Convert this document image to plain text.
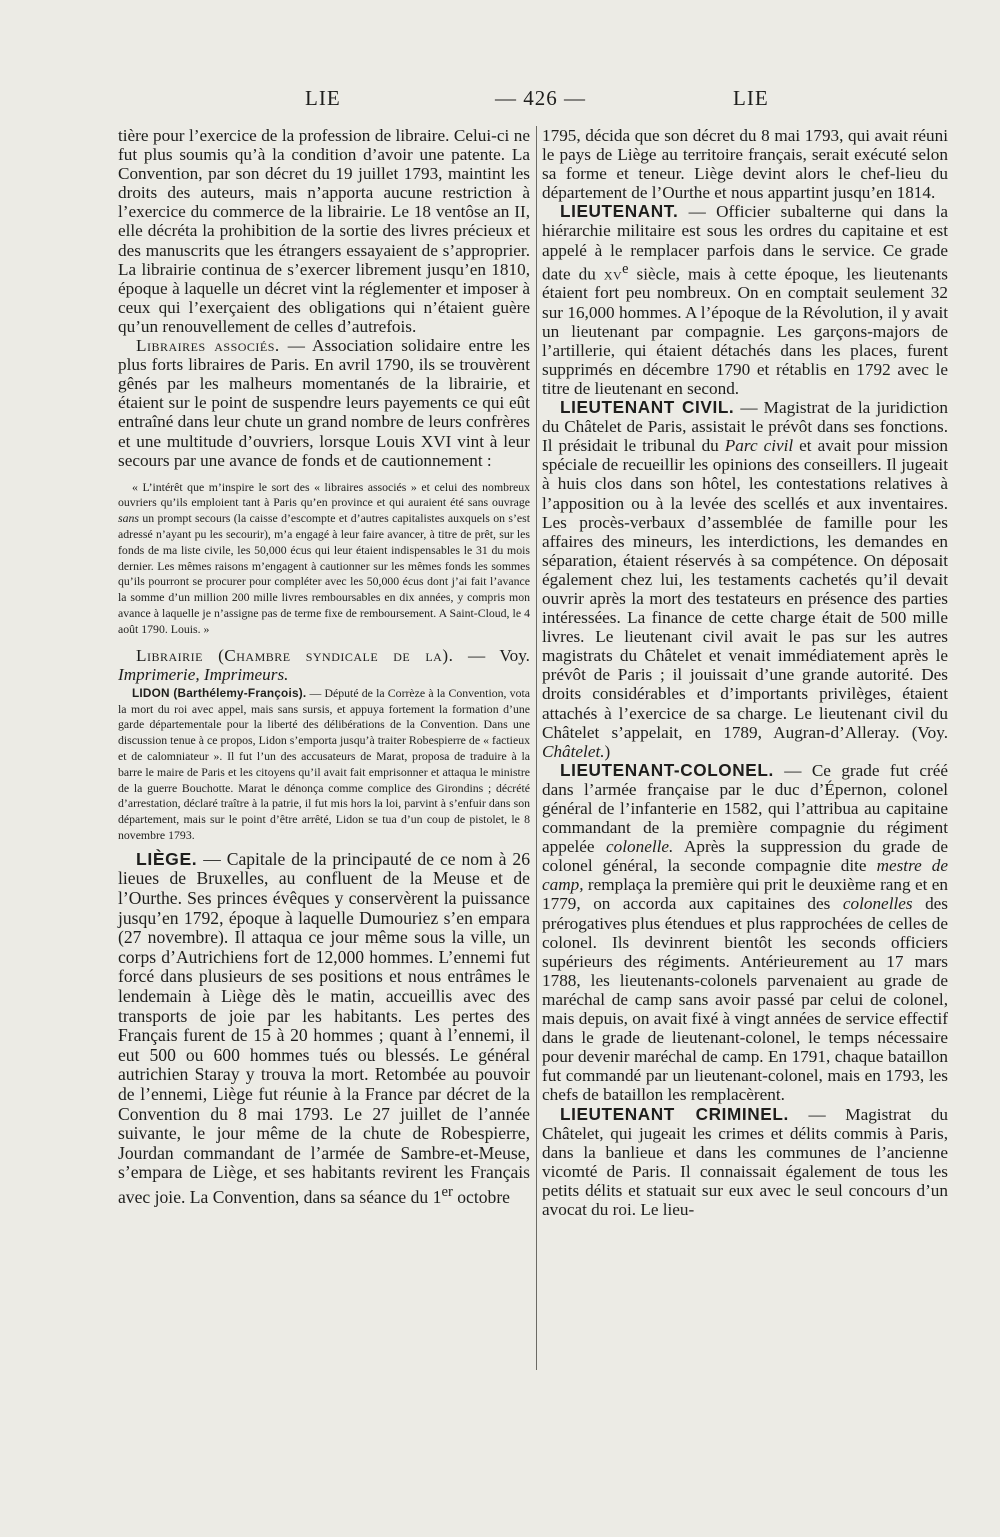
LIE	— 426 —	LIE

tière pour l’exercice de la profession de libraire. Celui-ci ne fut plus soumis qu’à la condition d’avoir une patente. La Convention, par son décret du 19 juillet 1793, maintint les droits des auteurs, mais n’apporta aucune restriction à l’exercice du commerce de la librairie. Le 18 ventôse an II, elle décréta la prohibition de la sortie des livres précieux et des manuscrits que les étrangers essayaient de s’approprier. La librairie continua de s’exercer librement jusqu’en 1810, époque à laquelle un décret vint la réglementer et imposer à ceux qui l’exerçaient des obligations qui n’étaient guère qu’un renouvellement de celles d’autrefois.

Libraires associés. — Association solidaire entre les plus forts libraires de Paris. En avril 1790, ils se trouvèrent gênés par les malheurs momentanés de la librairie, et étaient sur le point de suspendre leurs payements ce qui eût entraîné dans leur chute un grand nombre de leurs confrères et une multitude d’ouvriers, lorsque Louis XVI vint à leur secours par une avance de fonds et de cautionnement :

« L’intérêt que m’inspire le sort des « libraires associés » et celui des nombreux ouvriers qu’ils emploient tant à Paris qu’en province et qui auraient été sans ouvrage sans un prompt secours (la caisse d’escompte et d’autres capitalistes auxquels on s’est adressé n’ayant pu les secourir), m’a engagé à leur faire avancer, à titre de prêt, sur les fonds de ma liste civile, les 50,000 écus qui leur étaient indispensables le 31 du mois dernier. Les mêmes raisons m’engagent à cautionner sur les mêmes fonds les sommes qu’ils pourront se procurer pour compléter avec les 50,000 écus dont j’ai fait l’avance la somme d’un million 200 mille livres remboursables en dix années, y compris mon avance à laquelle je n’assigne pas de terme fixe de remboursement. A Saint-Cloud, le 4 août 1790. Louis. »

Librairie (Chambre syndicale de la). — Voy. Imprimerie, Imprimeurs.

LIDON (Barthélemy-François). — Député de la Corrèze à la Convention, vota la mort du roi avec appel, mais sans sursis, et appuya fortement la formation d’une garde départementale pour la liberté des délibérations de la Convention. Dans une discussion tenue à ce propos, Lidon s’emporta jusqu’à traiter Robespierre de « factieux et de calomniateur ». Il fut l’un des accusateurs de Marat, proposa de traduire à la barre le maire de Paris et les citoyens qu’il avait fait emprisonner et attaqua le ministre de la guerre Bouchotte. Marat le dénonça comme complice des Girondins ; décrété d’arrestation, déclaré traître à la patrie, il fut mis hors la loi, parvint à s’enfuir dans son département, mais sur le point d’être arrêté, Lidon se tua d’un coup de pistolet, le 8 novembre 1793.

LIÈGE. — Capitale de la principauté de ce nom à 26 lieues de Bruxelles, au confluent de la Meuse et de l’Ourthe. Ses princes évêques y conservèrent la puissance jusqu’en 1792, époque à laquelle Dumouriez s’en empara (27 novembre). Il attaqua ce jour même sous la ville, un corps d’Autrichiens fort de 12,000 hommes. L’ennemi fut forcé dans plusieurs de ses positions et nous entrâmes le lendemain à Liège dès le matin, accueillis avec des transports de joie par les habitants. Les pertes des Français furent de 15 à 20 hommes ; quant à l’ennemi, il eut 500 ou 600 hommes tués ou blessés. Le général autrichien Staray y trouva la mort. Retombée au pouvoir de l’ennemi, Liège fut réunie à la France par décret de la Convention du 8 mai 1793. Le 27 juillet de l’année suivante, le jour même de la chute de Robespierre, Jourdan commandant de l’armée de Sambre-et-Meuse, s’empara de Liège, et ses habitants revirent les Français avec joie. La Convention, dans sa séance du 1er octobre

1795, décida que son décret du 8 mai 1793, qui avait réuni le pays de Liège au territoire français, serait exécuté selon sa forme et teneur. Liège devint alors le chef-lieu du département de l’Ourthe et nous appartint jusqu’en 1814.

LIEUTENANT. — Officier subalterne qui dans la hiérarchie militaire est sous les ordres du capitaine et est appelé à le remplacer parfois dans le service. Ce grade date du $xv^e$ siècle, mais à cette époque, les lieutenants étaient fort peu nombreux. On en comptait seulement 32 sur 16,000 hommes. A l’époque de la Révolution, il y avait un lieutenant par compagnie. Les garçons-majors de l’artillerie, qui étaient détachés dans les places, furent supprimés en décembre 1790 et rétablis en 1792 avec le titre de lieutenant en second.

LIEUTENANT CIVIL. — Magistrat de la juridiction du Châtelet de Paris, assistait le prévôt dans ses fonctions. Il présidait le tribunal du Parc civil et avait pour mission spéciale de recueillir les opinions des conseillers. Il jugeait à huis clos dans son hôtel, les contestations relatives à l’apposition ou à la levée des scellés et aux inventaires. Les procès-verbaux d’assemblée de famille pour les affaires des mineurs, les interdictions, les demandes en séparation, étaient réservés à sa compétence. On déposait également chez lui, les testaments cachetés qu’il devait ouvrir après la mort des testateurs en présence des parties intéressées. La finance de cette charge était de 500 mille livres. Le lieutenant civil avait le pas sur les autres magistrats du Châtelet et venait immédiatement après le prévôt de Paris ; il jouissait d’une grande autorité. Des droits considérables et d’importants privilèges, étaient attachés à l’exercice de sa charge. Le lieutenant civil du Châtelet s’appelait, en 1789, Augran-d’Alleray. (Voy. Châtelet.)

LIEUTENANT-COLONEL. — Ce grade fut créé dans l’armée française par le duc d’Épernon, colonel général de l’infanterie en 1582, qui l’attribua au capitaine commandant de la première compagnie du régiment appelée colonelle. Après la suppression du grade de colonel général, la seconde compagnie dite mestre de camp, remplaça la première qui prit le deuxième rang et en 1779, on accorda aux capitaines des colonelles des prérogatives plus étendues et plus rapprochées de celles de colonel. Ils devinrent bientôt les seconds officiers supérieurs des régiments. Antérieurement au 17 mars 1788, les lieutenants-colonels parvenaient au grade de maréchal de camp sans avoir passé par celui de colonel, mais depuis, on avait fixé à vingt années de service effectif dans le grade de lieutenant-colonel, le temps nécessaire pour devenir maréchal de camp. En 1791, chaque bataillon fut commandé par un lieutenant-colonel, mais en 1793, les chefs de bataillon les remplacèrent.

LIEUTENANT CRIMINEL. — Magistrat du Châtelet, qui jugeait les crimes et délits commis à Paris, dans la banlieue et dans les communes de l’ancienne vicomté de Paris. Il connaissait également de tous les petits délits et statuait sur eux avec le seul concours d’un avocat du roi. Le lieu-
